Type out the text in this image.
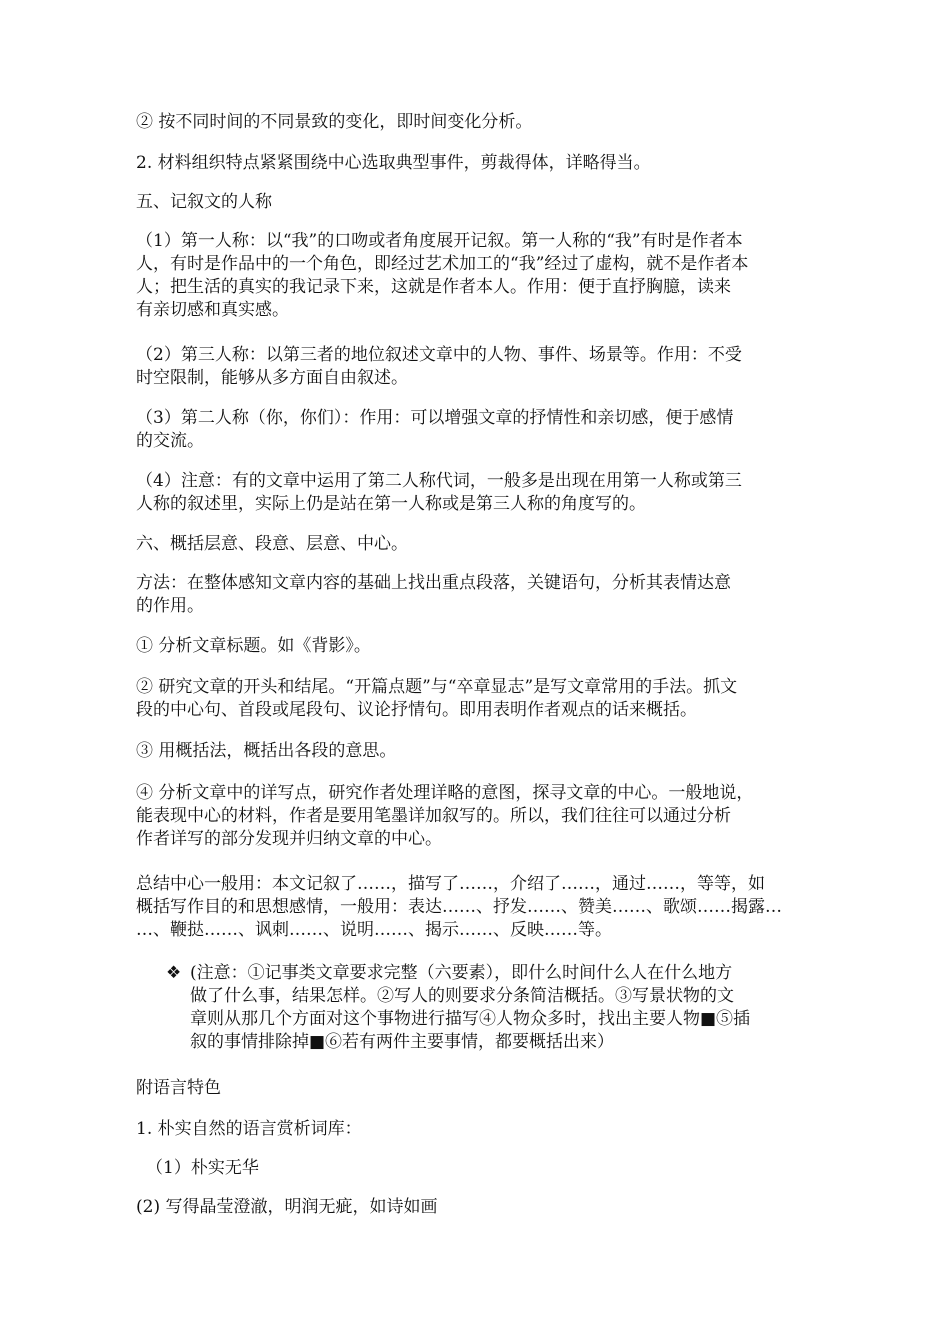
② 按不同时间的不同景致的变化，即时间变化分析。
2. 材料组织特点紧紧围绕中心选取典型事件，剪裁得体，详略得当。
五、记叙文的人称
（1）第一人称：以“我”的口吻或者角度展开记叙。第一人称的“我”有时是作者本
人，有时是作品中的一个角色，即经过艺术加工的“我”经过了虚构，就不是作者本
人；把生活的真实的我记录下来，这就是作者本人。作用：便于直抒胸臆，读来
有亲切感和真实感。
（2）第三人称：以第三者的地位叙述文章中的人物、事件、场景等。作用：不受
时空限制，能够从多方面自由叙述。
（3）第二人称（你，你们）：作用：可以增强文章的抒情性和亲切感，便于感情
的交流。
（4）注意：有的文章中运用了第二人称代词，一般多是出现在用第一人称或第三
人称的叙述里，实际上仍是站在第一人称或是第三人称的角度写的。
六、概括层意、段意、层意、中心。
方法：在整体感知文章内容的基础上找出重点段落，关键语句，分析其表情达意
的作用。
① 分析文章标题。如《背影》。
② 研究文章的开头和结尾。“开篇点题”与“卒章显志”是写文章常用的手法。抓文
段的中心句、首段或尾段句、议论抒情句。即用表明作者观点的话来概括。
③ 用概括法，概括出各段的意思。
④ 分析文章中的详写点，研究作者处理详略的意图，探寻文章的中心。一般地说，
能表现中心的材料，作者是要用笔墨详加叙写的。所以，我们往往可以通过分析
作者详写的部分发现并归纳文章的中心。
总结中心一般用：本文记叙了……，描写了……，介绍了……，通过……，等等，如
概括写作目的和思想感情，一般用：表达……、抒发……、赞美……、歌颂……揭露…
…、鞭挞……、讽刺……、说明……、揭示……、反映……等。
❖ (注意：①记事类文章要求完整（六要素），即什么时间什么人在什么地方
做了什么事，结果怎样。②写人的则要求分条简洁概括。③写景状物的文
章则从那几个方面对这个事物进行描写④人物众多时，找出主要人物■⑤插
叙的事情排除掉■⑥若有两件主要事情，都要概括出来）
附语言特色
1. 朴实自然的语言赏析词库：
（1）朴实无华
(2) 写得晶莹澄澈，明润无疵，如诗如画
